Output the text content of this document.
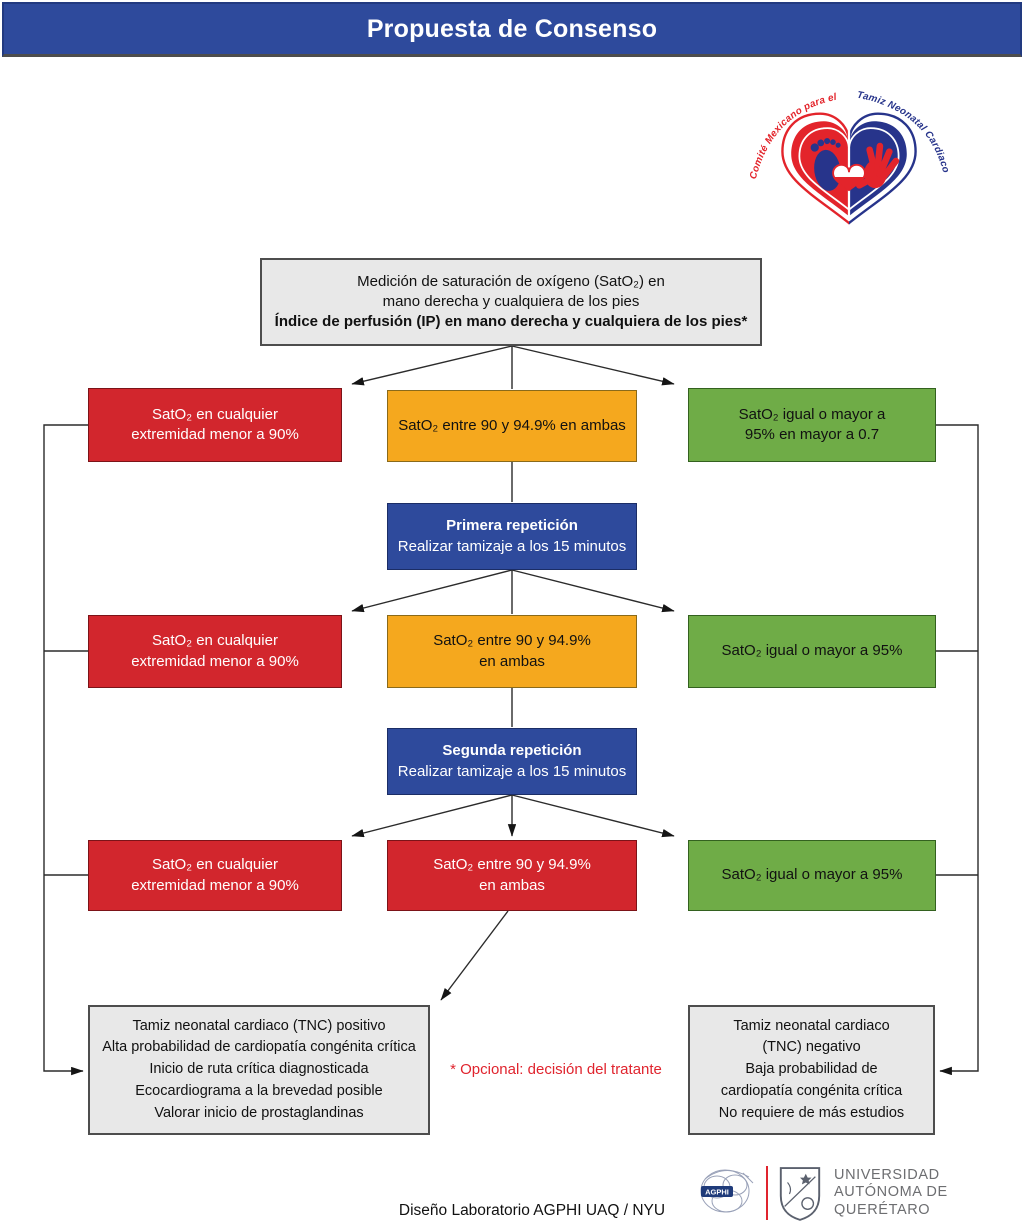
Propuesta de Consenso
Comité Mexicano para el Tamiz Neonatal Cardiaco
Medición de saturación de oxígeno (SatO₂) en
mano derecha y cualquiera de los pies
Índice de perfusión (IP) en mano derecha y cualquiera de los pies*
SatO₂ en cualquier
extremidad menor a 90%
SatO₂ entre 90 y 94.9% en ambas
SatO₂ igual o mayor a
95% en mayor a 0.7
Primera repetición
Realizar tamizaje a los 15 minutos
SatO₂ en cualquier
extremidad menor a 90%
SatO₂ entre 90 y 94.9%
en ambas
SatO₂ igual o mayor a 95%
Segunda repetición
Realizar tamizaje a los 15 minutos
SatO₂ en cualquier
extremidad menor a 90%
SatO₂ entre 90 y 94.9%
en ambas
SatO₂ igual o mayor a 95%
Tamiz neonatal cardiaco (TNC) positivo
Alta probabilidad de cardiopatía congénita crítica
Inicio de ruta crítica diagnosticada
Ecocardiograma a la brevedad posible
Valorar inicio de prostaglandinas
* Opcional: decisión del tratante
Tamiz neonatal cardiaco
(TNC) negativo
Baja probabilidad de
cardiopatía congénita crítica
No requiere de más estudios
AGPHI
UNIVERSIDAD
AUTÓNOMA DE
QUERÉTARO
Diseño Laboratorio AGPHI UAQ / NYU
